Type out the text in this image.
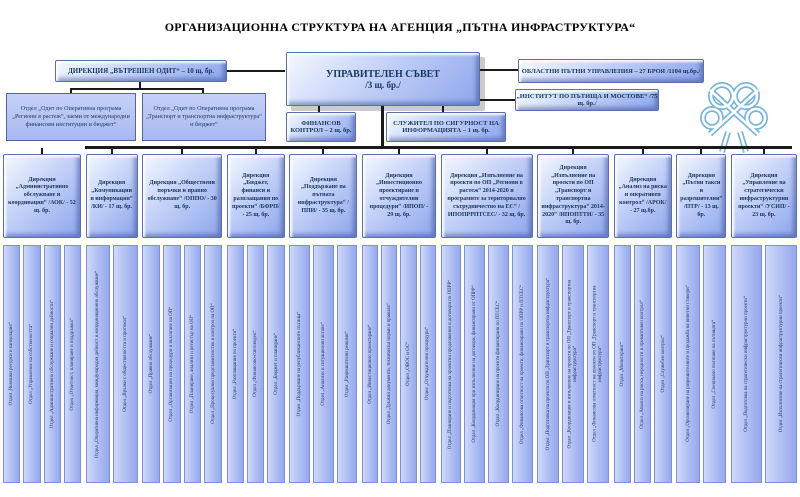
ОРГАНИЗАЦИОННА СТРУКТУРА НА АГЕНЦИЯ „ПЪТНА ИНФРАСТРУКТУРА“
ДИРЕКЦИЯ „ВЪТРЕШЕН ОДИТ“ – 10 щ. бр.
Отдел „Одит по Оперативна програма „Региони в растеж“, заеми от международни финансови институции и бюджет“
Отдел „Одит по Оперативна програма „Транспорт и транспортна инфраструктура“ и бюджет“
УПРАВИТЕЛЕН СЪВЕТ
/3 щ. бр./
ОБЛАСТНИ ПЪТНИ УПРАВЛЕНИЯ – 27 БРОЯ /1104 щ.бр./
„ИНСТИТУТ ПО ПЪТИЩА И МОСТОВЕ“ /75 щ. бр./
ФИНАНСОВ КОНТРОЛ – 2 щ. бр.
СЛУЖИТЕЛ ПО СИГУРНОСТ НА ИНФОРМАЦИЯТА – 1 щ. бр.
Дирекция „Административно обслужване и координация“ /АОК/ - 52 щ. бр.
Отдел „Човешки ресурси и канцелария“	Отдел „Управление на собствеността“	Отдел „Административно обслужване и социални дейности“	Отдел „Отчетност, планиране и поддръжка“
Дирекция „Комуникации и информация“ /КИ/ - 17 щ. бр.
Отдел „Оперативна информация, международна дейност и координационно обслужване“	Отдел „Връзки с обществеността и протокол“
Дирекция „Обществени поръчки и правно обслужване“ /ОППО/ - 30 щ. бр.
Отдел „Правно обслужване“	Отдел „Организация на процедури и възлагане на ОП“	Отдел „Планиране, анализи и регистър на ОП“	Отдел „Процесуално представителство и контрол на ОП“
Дирекция „Бюджет, финанси и разплащания по проекти“ /БФРП/ - 25 щ. бр.
Отдел „Разплащания по проекти“	Отдел „Финансово-счетоводен“	Отдел „Бюджет и планиране“
Дирекция „Поддържане на пътната инфраструктура“ /ППИ/ - 35 щ. бр.
Отдел „Поддържане на републиканските пътища“	Отдел „Анализи и ситуационни актове“	Отдел „Разрешителни режими“
Дирекция „Инвестиционно проектиране и отчуждителни процедури“ /ИПОП/ - 29 щ. бр.
Отдел „Инвестиционно проектиране“ Отдел „Тръжни документи, технически норми и правила“ Отдел „ОВОС и ОС“ Отдел „Отчуждителни процедури“
Дирекция „Изпълнение на проекти по ОП „Региони в растеж“ 2014-2020 и програмите за териториално сътрудничество на ЕС“ /ИПОПРРПТСЕС/ - 32 щ. бр.
Отдел „Планиране и подготовка на проектни предложения и договори по ОПРР“	Отдел „Координация при изпълнение на договори, финансирани от ОПРР“	Отдел „Координиране на проекти финансирани по ПТСЕС“	Отдел „Финансова отчетност на проекти, финансирани по ОПРР и ПТСЕС“
Дирекция „Изпълнение на проекти по ОП „Транспорт и транспортна инфраструктура“ 2014-2020“ /ИПОПТТИ/ - 35 щ. бр.
Отдел „Подготовка на проекти по ОП „Транспорт и транспортна инфраструктура“	Отдел „Координация и изпълнение на проекти по ОП „Транспорт и транспортна инфраструктура“ Отдел „Финансова отчетност на проекти по ОП „Транспорт и транспортна инфраструктура“
Дирекция „Анализ на риска и оперативен контрол“ /АРОК/ - 27 щ.бр.
Отдел „Мониторинг“	Отдел „Анализ на риска, нередности и превантивен контрол“	Отдел „Служебен контрол“
Дирекция „Пътни такси и разрешителни“ /ПТР/ - 13 щ. бр.
Отдел „Организиране на разрешителните и продажба на винетни стикери“	Отдел „Специално ползване на пътищата“
Дирекция „Управление на стратегически инфраструктурни проекти“ /УСИП/ - 23 щ. бр.
Отдел „Подготовка на стратегически инфраструктурни проекти“	Отдел „Изпълнение на стратегически инфраструктурни проекти“
